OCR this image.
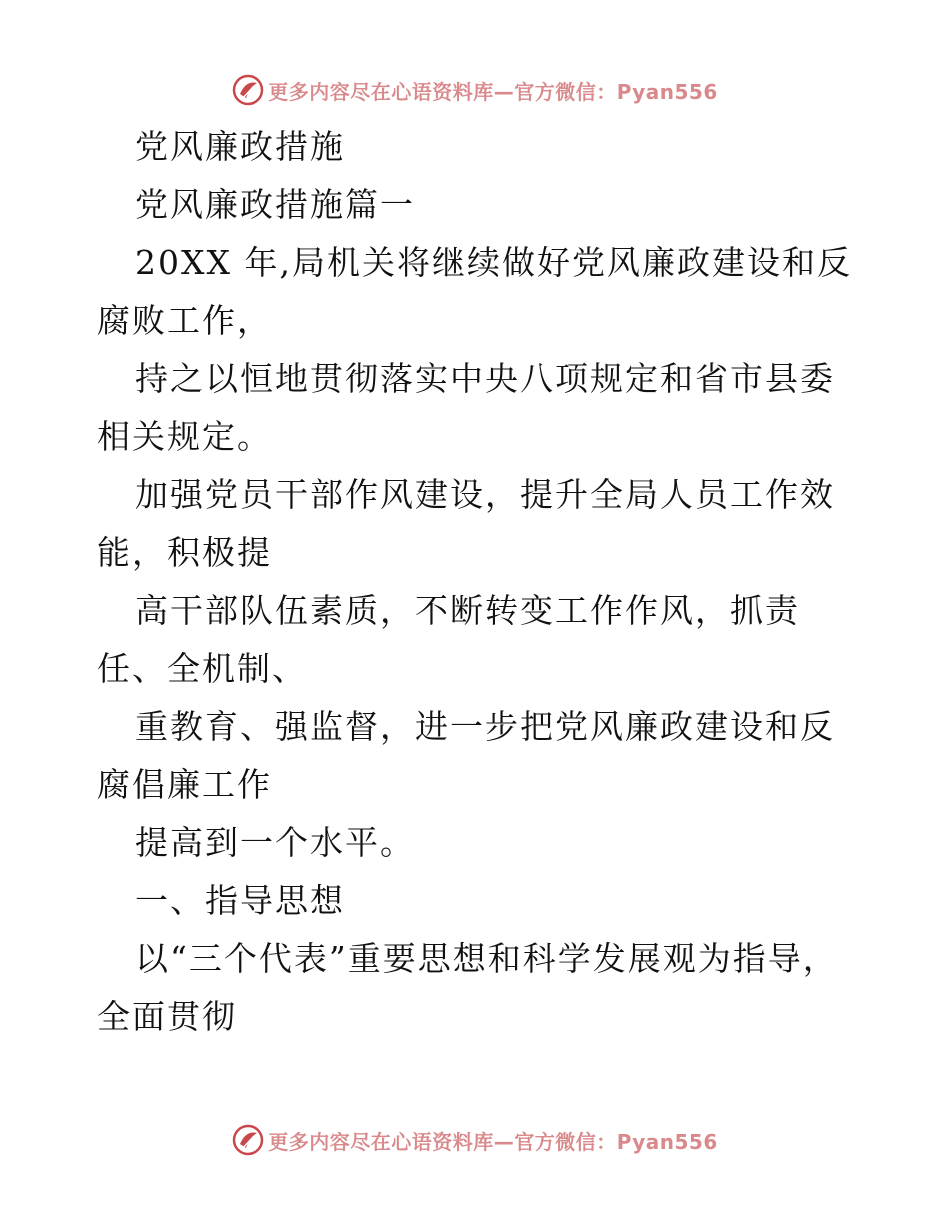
更多内容尽在心语资料库—官方微信：Pyan556

党风廉政措施

党风廉政措施篇一

20XX 年,局机关将继续做好党风廉政建设和反腐败工作，

持之以恒地贯彻落实中央八项规定和省市县委相关规定。

加强党员干部作风建设，提升全局人员工作效能，积极提

高干部队伍素质，不断转变工作作风，抓责任、全机制、

重教育、强监督，进一步把党风廉政建设和反腐倡廉工作

提高到一个水平。

一、指导思想

以“三个代表”重要思想和科学发展观为指导，全面贯彻

更多内容尽在心语资料库—官方微信：Pyan556
